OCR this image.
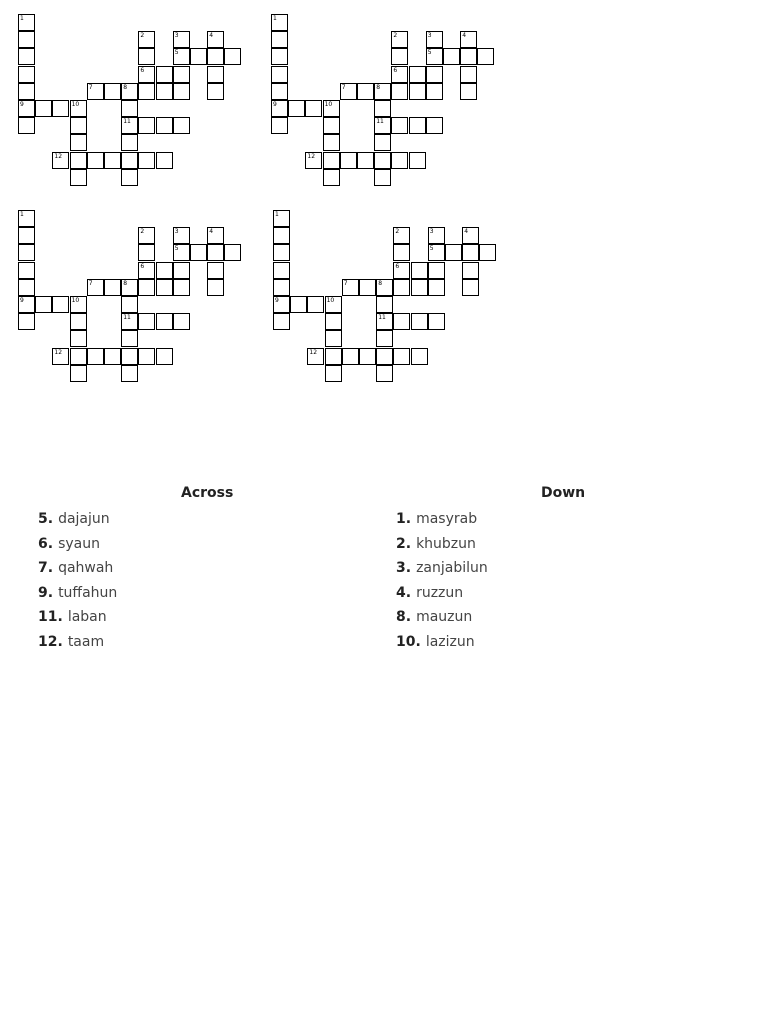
5
6
7	8
9	10
11
12
1
2	3	4
5
6
7	8
9	10
11
12
1
2	3	4
5
6
7	8
9	10
11
12
1
2	3	4
5
6
7	8
9	10
11
12
1
2	3	4
Across
5. dajajun
6. syaun
7. qahwah
9. tuffahun
11. laban
12. taam
Down
1. masyrab
2. khubzun
3. zanjabilun
4. ruzzun
8. mauzun
10. lazizun
